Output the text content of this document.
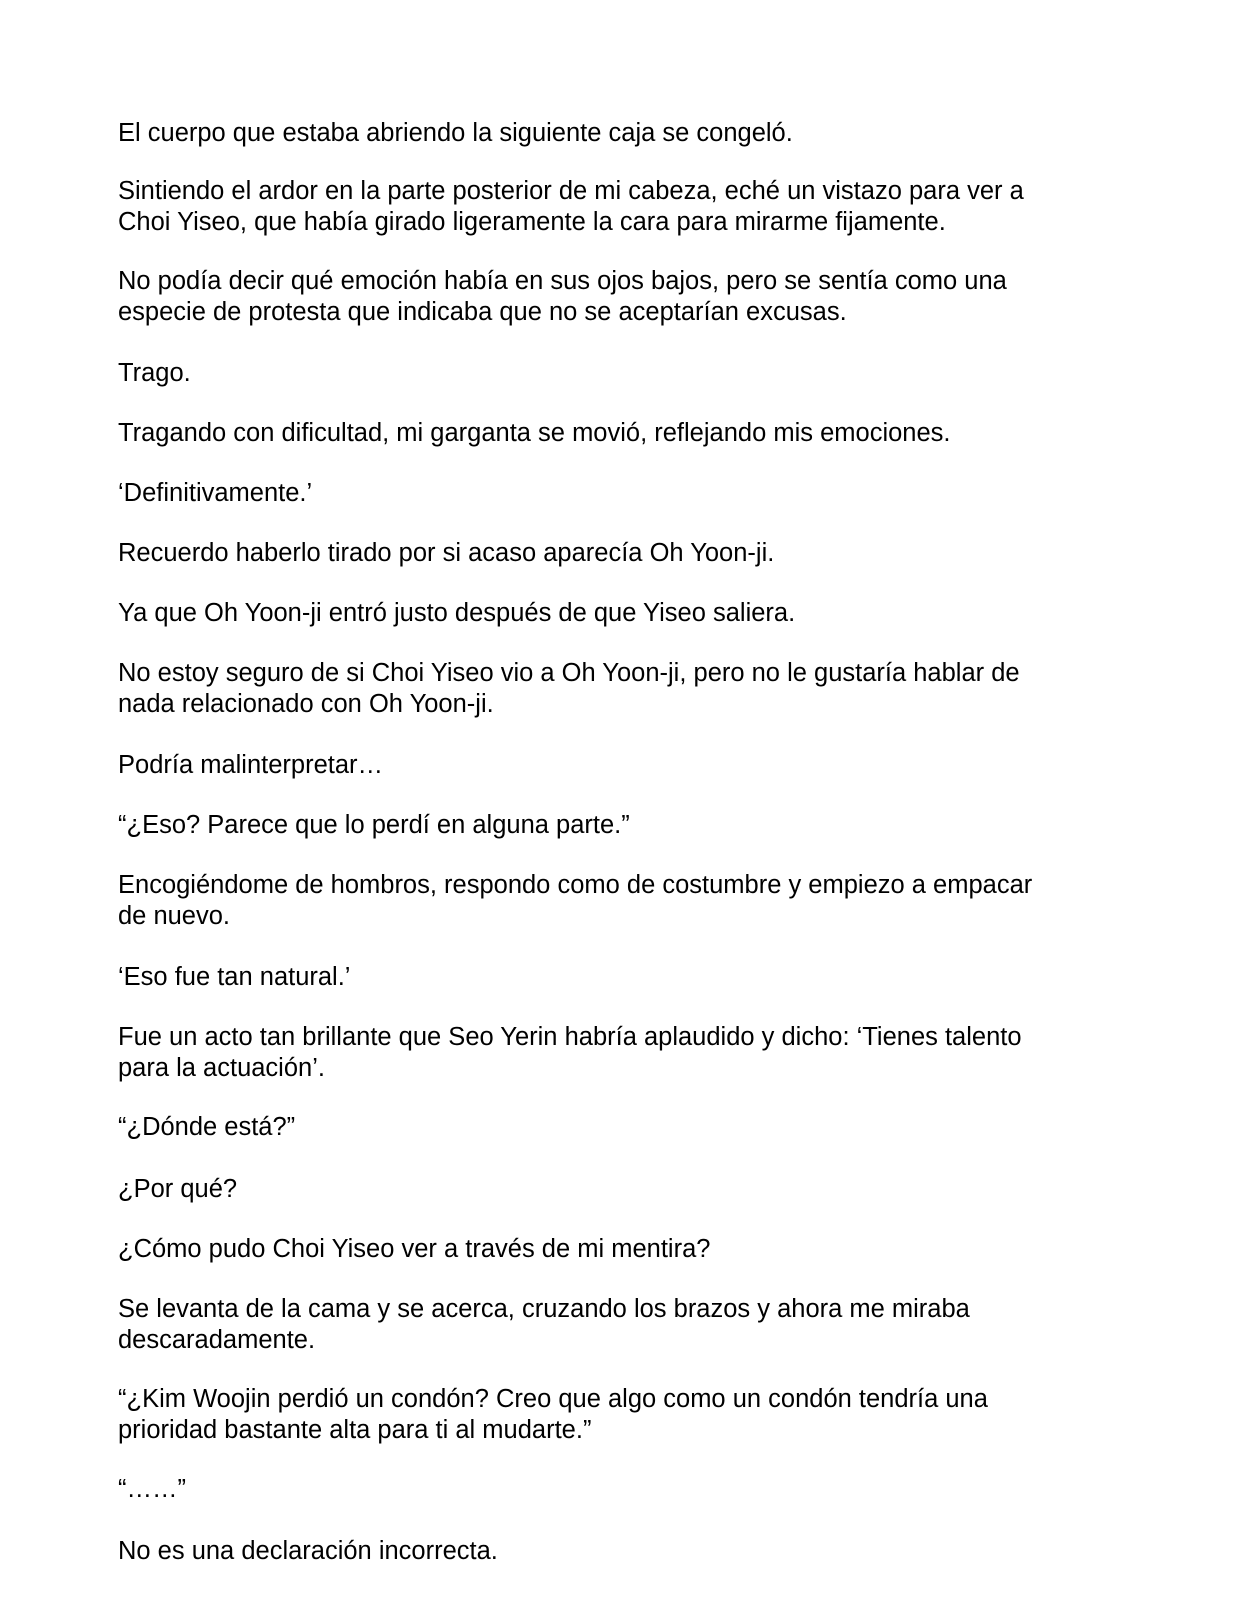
El cuerpo que estaba abriendo la siguiente caja se congeló.

Sintiendo el ardor en la parte posterior de mi cabeza, eché un vistazo para ver a
Choi Yiseo, que había girado ligeramente la cara para mirarme fijamente.

No podía decir qué emoción había en sus ojos bajos, pero se sentía como una
especie de protesta que indicaba que no se aceptarían excusas.

Trago.

Tragando con dificultad, mi garganta se movió, reflejando mis emociones.

‘Definitivamente.’

Recuerdo haberlo tirado por si acaso aparecía Oh Yoon-ji.

Ya que Oh Yoon-ji entró justo después de que Yiseo saliera.

No estoy seguro de si Choi Yiseo vio a Oh Yoon-ji, pero no le gustaría hablar de
nada relacionado con Oh Yoon-ji.

Podría malinterpretar…

“¿Eso? Parece que lo perdí en alguna parte.”

Encogiéndome de hombros, respondo como de costumbre y empiezo a empacar
de nuevo.

‘Eso fue tan natural.’

Fue un acto tan brillante que Seo Yerin habría aplaudido y dicho: ‘Tienes talento
para la actuación’.

“¿Dónde está?”

¿Por qué?

¿Cómo pudo Choi Yiseo ver a través de mi mentira?

Se levanta de la cama y se acerca, cruzando los brazos y ahora me miraba
descaradamente.

“¿Kim Woojin perdió un condón? Creo que algo como un condón tendría una
prioridad bastante alta para ti al mudarte.”

“……”

No es una declaración incorrecta.
